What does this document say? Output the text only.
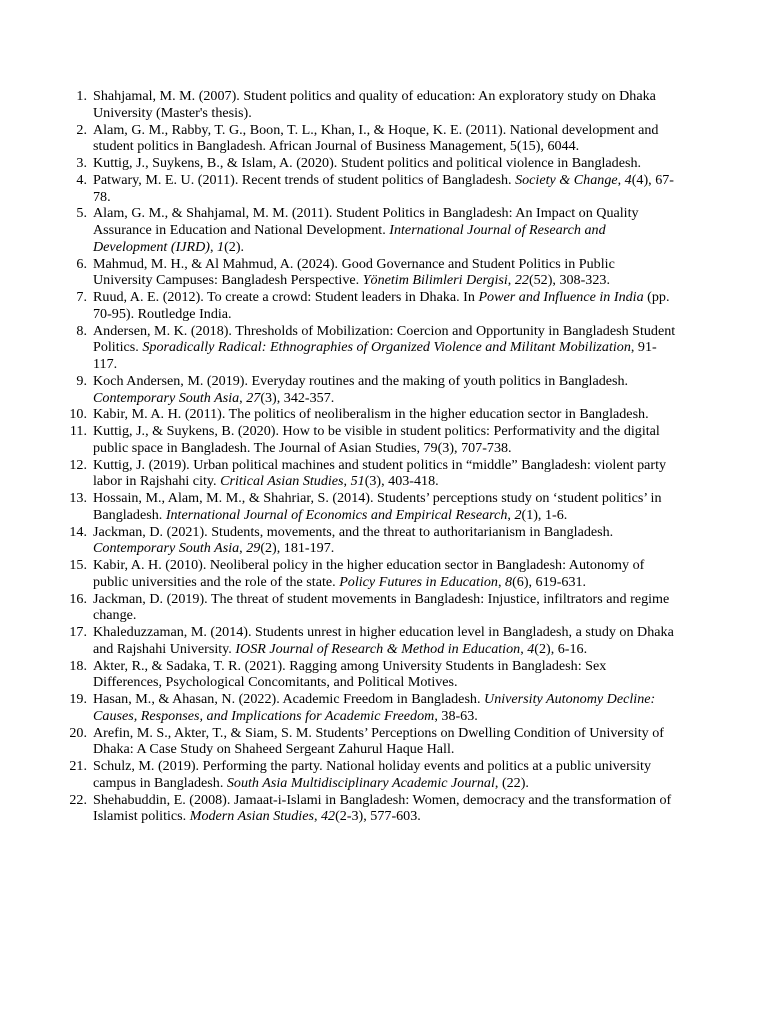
1. Shahjamal, M. M. (2007). Student politics and quality of education: An exploratory study on Dhaka University (Master's thesis).
2. Alam, G. M., Rabby, T. G., Boon, T. L., Khan, I., & Hoque, K. E. (2011). National development and student politics in Bangladesh. African Journal of Business Management, 5(15), 6044.
3. Kuttig, J., Suykens, B., & Islam, A. (2020). Student politics and political violence in Bangladesh.
4. Patwary, M. E. U. (2011). Recent trends of student politics of Bangladesh. Society & Change, 4(4), 67-78.
5. Alam, G. M., & Shahjamal, M. M. (2011). Student Politics in Bangladesh: An Impact on Quality Assurance in Education and National Development. International Journal of Research and Development (IJRD), 1(2).
6. Mahmud, M. H., & Al Mahmud, A. (2024). Good Governance and Student Politics in Public University Campuses: Bangladesh Perspective. Yönetim Bilimleri Dergisi, 22(52), 308-323.
7. Ruud, A. E. (2012). To create a crowd: Student leaders in Dhaka. In Power and Influence in India (pp. 70-95). Routledge India.
8. Andersen, M. K. (2018). Thresholds of Mobilization: Coercion and Opportunity in Bangladesh Student Politics. Sporadically Radical: Ethnographies of Organized Violence and Militant Mobilization, 91-117.
9. Koch Andersen, M. (2019). Everyday routines and the making of youth politics in Bangladesh. Contemporary South Asia, 27(3), 342-357.
10. Kabir, M. A. H. (2011). The politics of neoliberalism in the higher education sector in Bangladesh.
11. Kuttig, J., & Suykens, B. (2020). How to be visible in student politics: Performativity and the digital public space in Bangladesh. The Journal of Asian Studies, 79(3), 707-738.
12. Kuttig, J. (2019). Urban political machines and student politics in “middle” Bangladesh: violent party labor in Rajshahi city. Critical Asian Studies, 51(3), 403-418.
13. Hossain, M., Alam, M. M., & Shahriar, S. (2014). Students’ perceptions study on ‘student politics’ in Bangladesh. International Journal of Economics and Empirical Research, 2(1), 1-6.
14. Jackman, D. (2021). Students, movements, and the threat to authoritarianism in Bangladesh. Contemporary South Asia, 29(2), 181-197.
15. Kabir, A. H. (2010). Neoliberal policy in the higher education sector in Bangladesh: Autonomy of public universities and the role of the state. Policy Futures in Education, 8(6), 619-631.
16. Jackman, D. (2019). The threat of student movements in Bangladesh: Injustice, infiltrators and regime change.
17. Khaleduzzaman, M. (2014). Students unrest in higher education level in Bangladesh, a study on Dhaka and Rajshahi University. IOSR Journal of Research & Method in Education, 4(2), 6-16.
18. Akter, R., & Sadaka, T. R. (2021). Ragging among University Students in Bangladesh: Sex Differences, Psychological Concomitants, and Political Motives.
19. Hasan, M., & Ahasan, N. (2022). Academic Freedom in Bangladesh. University Autonomy Decline: Causes, Responses, and Implications for Academic Freedom, 38-63.
20. Arefin, M. S., Akter, T., & Siam, S. M. Students’ Perceptions on Dwelling Condition of University of Dhaka: A Case Study on Shaheed Sergeant Zahurul Haque Hall.
21. Schulz, M. (2019). Performing the party. National holiday events and politics at a public university campus in Bangladesh. South Asia Multidisciplinary Academic Journal, (22).
22. Shehabuddin, E. (2008). Jamaat-i-Islami in Bangladesh: Women, democracy and the transformation of Islamist politics. Modern Asian Studies, 42(2-3), 577-603.
